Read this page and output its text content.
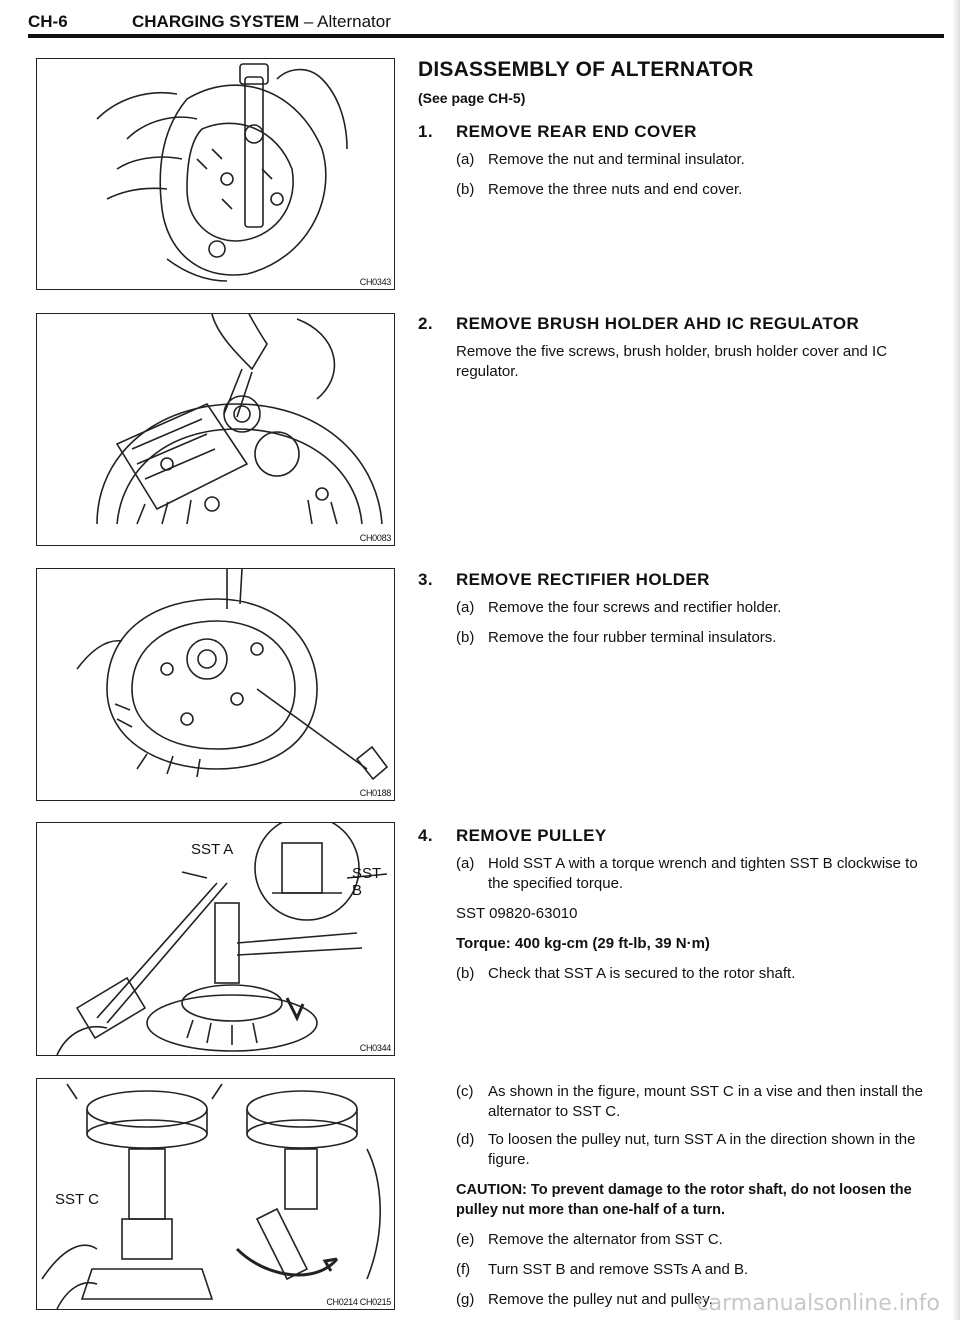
CH-6	CHARGING SYSTEM – Alternator
CH0343
CH0083
CH0188
SST A
SST B
CH0344
SST C
CH0214 CH0215
DISASSEMBLY OF ALTERNATOR
(See page CH-5)
1. REMOVE REAR END COVER
(a) Remove the nut and terminal insulator.
(b) Remove the three nuts and end cover.
2. REMOVE BRUSH HOLDER AHD IC REGULATOR
Remove the five screws, brush holder, brush holder cover and IC regulator.
3. REMOVE RECTIFIER HOLDER
(a) Remove the four screws and rectifier holder.
(b) Remove the four rubber terminal insulators.
4. REMOVE PULLEY
(a) Hold SST A with a torque wrench and tighten SST B clockwise to the specified torque.
SST 09820-63010
Torque: 400 kg-cm (29 ft-lb, 39 N·m)
(b) Check that SST A is secured to the rotor shaft.
(c) As shown in the figure, mount SST C in a vise and then install the alternator to SST C.
(d) To loosen the pulley nut, turn SST A in the direction shown in the figure.
CAUTION: To prevent damage to the rotor shaft, do not loosen the pulley nut more than one-half of a turn.
(e) Remove the alternator from SST C.
(f) Turn SST B and remove SSTs A and B.
(g) Remove the pulley nut and pulley.
carmanualsonline.info
